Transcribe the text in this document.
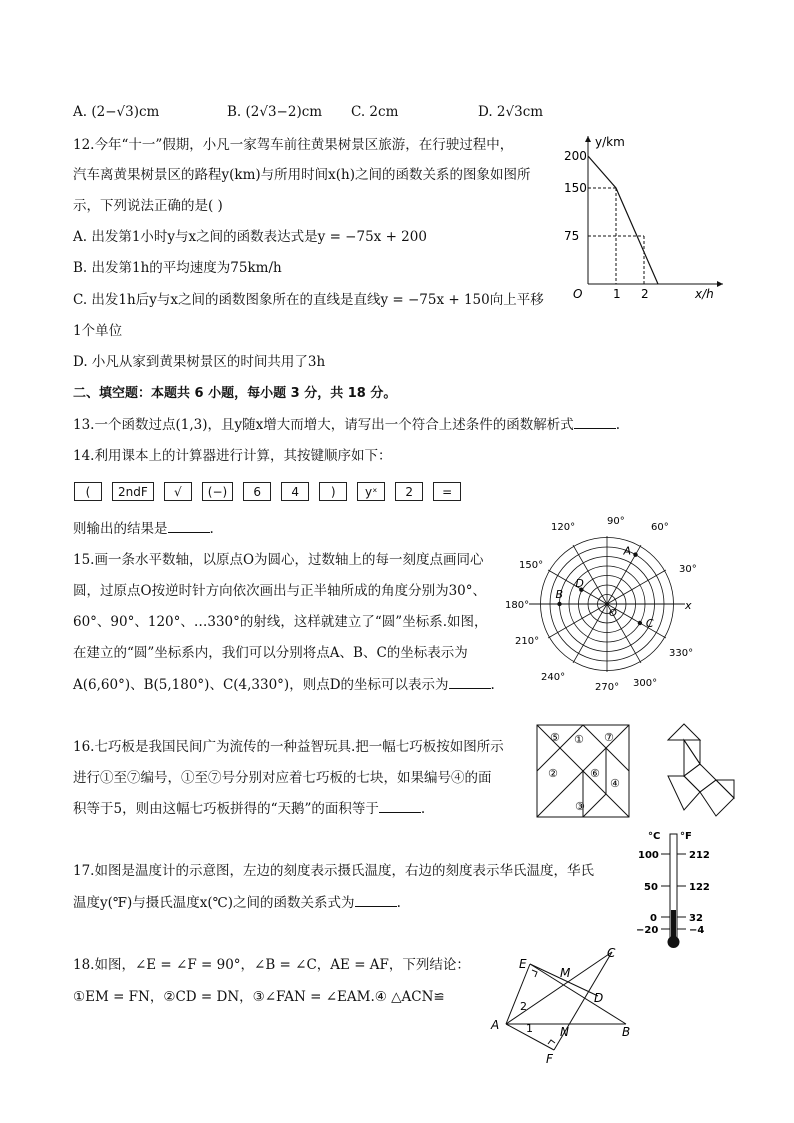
A. (2−√3)cm	B. (2√3−2)cm C. 2cm	D. 2√3cm
12.今年“十一”假期，小凡一家驾车前往黄果树景区旅游，在行驶过程中，
汽车离黄果树景区的路程y(km)与所用时间x(h)之间的函数关系的图象如图所
示，下列说法正确的是( )
A. 出发第1小时y与x之间的函数表达式是y = −75x + 200
B. 出发第1h的平均速度为75km/h
C. 出发1h后y与x之间的函数图象所在的直线是直线y = −75x + 150向上平移
1个单位
D. 小凡从家到黄果树景区的时间共用了3h
y/km
x/h
O
75
150
200
1 2
二、填空题：本题共 6 小题，每小题 3 分，共 18 分。
13.一个函数过点(1,3)，且y随x增大而增大，请写出一个符合上述条件的函数解析式	.
14.利用课本上的计算器进行计算，其按键顺序如下：
(	2ndF	√	(−)	6	4	)	yˣ	2	=
则输出的结果是	.
15.画一条水平数轴，以原点O为圆心，过数轴上的每一刻度点画同心
圆，过原点O按逆时针方向依次画出与正半轴所成的角度分别为30°、
60°、90°、120°、…330°的射线，这样就建立了“圆”坐标系.如图，
在建立的“圆”坐标系内，我们可以分别将点A、B、C的坐标表示为
A(6,60°)、B(5,180°)、C(4,330°)，则点D的坐标可以表示为	.
90°
60°
30°
120°
150°
180°
210°
240°
270° 300°
330°
x
A
B
C
D
O
16.七巧板是我国民间广为流传的一种益智玩具.把一幅七巧板按如图所示
进行①至⑦编号，①至⑦号分别对应着七巧板的七块，如果编号④的面
积等于5，则由这幅七巧板拼得的“天鹅”的面积等于	.
⑤ ① ⑦
②	⑥
④
③
17.如图是温度计的示意图，左边的刻度表示摄氏温度，右边的刻度表示华氏温度，华氏
温度y(℉)与摄氏温度x(℃)之间的函数关系式为	.
°C °F
100
50
0
−20
212
122
32
−4
18.如图，∠E = ∠F = 90°，∠B = ∠C，AE = AF，下列结论：
①EM = FN，②CD = DN，③∠FAN = ∠EAM.④ △ACN≌
E
M
C
A
D
B
N
F
1
2
